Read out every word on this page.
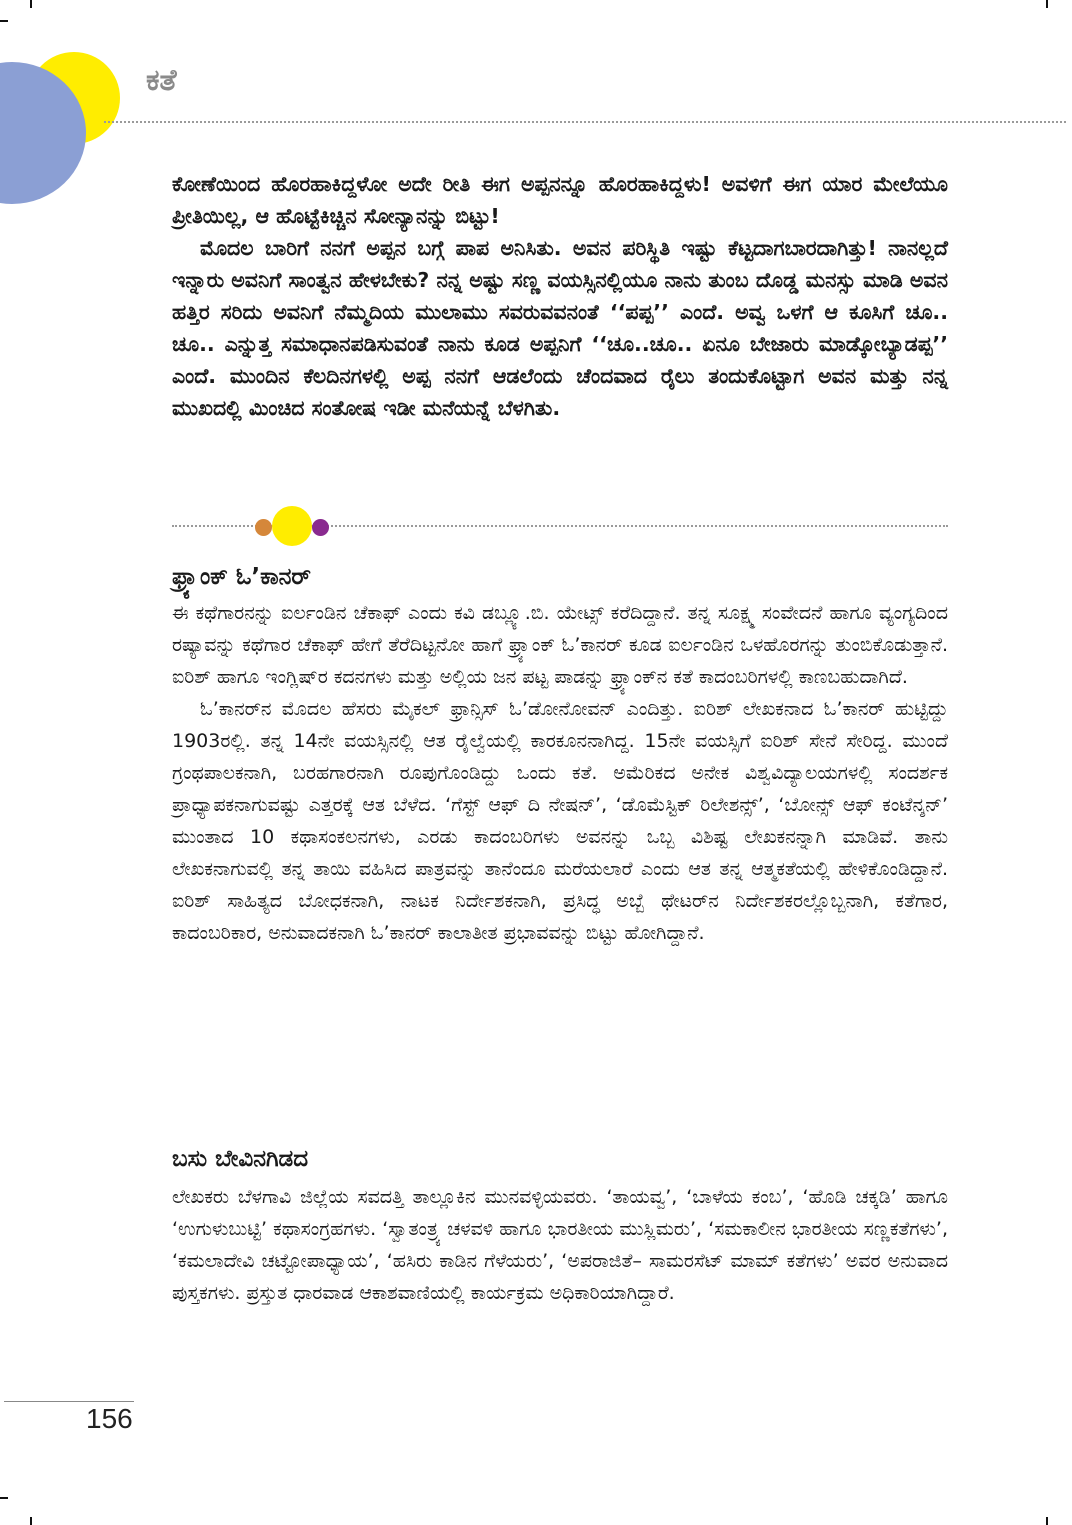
ಕತೆ

ಕೋಣೆಯಿಂದ ಹೊರಹಾಕಿದ್ದಳೋ ಅದೇ ರೀತಿ ಈಗ ಅಪ್ಪನನ್ನೂ ಹೊರಹಾಕಿದ್ದಳು! ಅವಳಿಗೆ ಈಗ ಯಾರ ಮೇಲೆಯೂ ಪ್ರೀತಿಯಿಲ್ಲ, ಆ ಹೊಟ್ಟೆಕಿಚ್ಚಿನ ಸೋನ್ಯಾನನ್ನು ಬಿಟ್ಟು!

ಮೊದಲ ಬಾರಿಗೆ ನನಗೆ ಅಪ್ಪನ ಬಗ್ಗೆ ಪಾಪ ಅನಿಸಿತು. ಅವನ ಪರಿಸ್ಥಿತಿ ಇಷ್ಟು ಕೆಟ್ಟದಾಗಬಾರದಾಗಿತ್ತು! ನಾನಲ್ಲದೆ ಇನ್ನಾರು ಅವನಿಗೆ ಸಾಂತ್ವನ ಹೇಳಬೇಕು? ನನ್ನ ಅಷ್ಟು ಸಣ್ಣ ವಯಸ್ಸಿನಲ್ಲಿಯೂ ನಾನು ತುಂಬ ದೊಡ್ಡ ಮನಸ್ಸು ಮಾಡಿ ಅವನ ಹತ್ತಿರ ಸರಿದು ಅವನಿಗೆ ನೆಮ್ಮದಿಯ ಮುಲಾಮು ಸವರುವವನಂತೆ ‘‘ಪಪ್ಪ’’ ಎಂದೆ. ಅವ್ವ ಒಳಗೆ ಆ ಕೂಸಿಗೆ ಚೂ.. ಚೂ.. ಎನ್ನುತ್ತ ಸಮಾಧಾನಪಡಿಸುವಂತೆ ನಾನು ಕೂಡ ಅಪ್ಪನಿಗೆ ‘‘ಚೂ..ಚೂ.. ಏನೂ ಬೇಜಾರು ಮಾಡ್ಕೋಬ್ಯಾಡಪ್ಪ’’ ಎಂದೆ. ಮುಂದಿನ ಕೆಲದಿನಗಳಲ್ಲಿ ಅಪ್ಪ ನನಗೆ ಆಡಲೆಂದು ಚೆಂದವಾದ ರೈಲು ತಂದುಕೊಟ್ಟಾಗ ಅವನ ಮತ್ತು ನನ್ನ ಮುಖದಲ್ಲಿ ಮಿಂಚಿದ ಸಂತೋಷ ಇಡೀ ಮನೆಯನ್ನೆ ಬೆಳಗಿತು.

ಫ್ರ್ಯಾಂಕ್ ಓ’ಕಾನರ್

ಈ ಕಥೆಗಾರನನ್ನು ಐರ್ಲಂಡಿನ ಚೆಕಾಫ್ ಎಂದು ಕವಿ ಡಬ್ಲ್ಯೂ.ಬಿ. ಯೇಟ್ಸ್ ಕರೆದಿದ್ದಾನೆ. ತನ್ನ ಸೂಕ್ಷ್ಮ ಸಂವೇದನೆ ಹಾಗೂ ವ್ಯಂಗ್ಯದಿಂದ ರಷ್ಯಾವನ್ನು ಕಥೆಗಾರ ಚೆಕಾಫ್ ಹೇಗೆ ತೆರೆದಿಟ್ಟನೋ ಹಾಗೆ ಫ್ರ್ಯಾಂಕ್ ಓ’ಕಾನರ್ ಕೂಡ ಐರ್ಲಂಡಿನ ಒಳಹೊರಗನ್ನು ತುಂಬಿಕೊಡುತ್ತಾನೆ. ಐರಿಶ್ ಹಾಗೂ ಇಂಗ್ಲಿಷ್‌ರ ಕದನಗಳು ಮತ್ತು ಅಲ್ಲಿಯ ಜನ ಪಟ್ಟ ಪಾಡನ್ನು ಫ್ರ್ಯಾಂಕ್‌ನ ಕತೆ ಕಾದಂಬರಿಗಳಲ್ಲಿ ಕಾಣಬಹುದಾಗಿದೆ.

ಓ’ಕಾನರ್‌ನ ಮೊದಲ ಹೆಸರು ಮೈಕಲ್ ಫ್ರಾನ್ಸಿಸ್ ಓ’ಡೋನೋವನ್ ಎಂದಿತ್ತು. ಐರಿಶ್ ಲೇಖಕನಾದ ಓ’ಕಾನರ್ ಹುಟ್ಟಿದ್ದು 1903ರಲ್ಲಿ. ತನ್ನ 14ನೇ ವಯಸ್ಸಿನಲ್ಲಿ ಆತ ರೈಲ್ವೆಯಲ್ಲಿ ಕಾರಕೂನನಾಗಿದ್ದ. 15ನೇ ವಯಸ್ಸಿಗೆ ಐರಿಶ್ ಸೇನೆ ಸೇರಿದ್ದ. ಮುಂದೆ ಗ್ರಂಥಪಾಲಕನಾಗಿ, ಬರಹಗಾರನಾಗಿ ರೂಪುಗೊಂಡಿದ್ದು ಒಂದು ಕತೆ. ಅಮೆರಿಕದ ಅನೇಕ ವಿಶ್ವವಿದ್ಯಾಲಯಗಳಲ್ಲಿ ಸಂದರ್ಶಕ ಪ್ರಾಧ್ಯಾಪಕನಾಗುವಷ್ಟು ಎತ್ತರಕ್ಕೆ ಆತ ಬೆಳೆದ. ‘ಗೆಸ್ಟ್ ಆಫ್ ದಿ ನೇಷನ್’, ‘ಡೊಮೆಸ್ಟಿಕ್ ರಿಲೇಶನ್ಸ್’, ‘ಬೋನ್ಸ್ ಆಫ್ ಕಂಟೆನ್ಶನ್’ ಮುಂತಾದ 10 ಕಥಾಸಂಕಲನಗಳು, ಎರಡು ಕಾದಂಬರಿಗಳು ಅವನನ್ನು ಒಬ್ಬ ವಿಶಿಷ್ಟ ಲೇಖಕನನ್ನಾಗಿ ಮಾಡಿವೆ. ತಾನು ಲೇಖಕನಾಗುವಲ್ಲಿ ತನ್ನ ತಾಯಿ ವಹಿಸಿದ ಪಾತ್ರವನ್ನು ತಾನೆಂದೂ ಮರೆಯಲಾರೆ ಎಂದು ಆತ ತನ್ನ ಆತ್ಮಕತೆಯಲ್ಲಿ ಹೇಳಿಕೊಂಡಿದ್ದಾನೆ. ಐರಿಶ್ ಸಾಹಿತ್ಯದ ಬೋಧಕನಾಗಿ, ನಾಟಕ ನಿರ್ದೇಶಕನಾಗಿ, ಪ್ರಸಿದ್ಧ ಅಬ್ಬೆ ಥೇಟರ್‌ನ ನಿರ್ದೇಶಕರಲ್ಲೊಬ್ಬನಾಗಿ, ಕತೆಗಾರ, ಕಾದಂಬರಿಕಾರ, ಅನುವಾದಕನಾಗಿ ಓ’ಕಾನರ್ ಕಾಲಾತೀತ ಪ್ರಭಾವವನ್ನು ಬಿಟ್ಟು ಹೋಗಿದ್ದಾನೆ.

ಬಸು ಬೇವಿನಗಿಡದ

ಲೇಖಕರು ಬೆಳಗಾವಿ ಜಿಲ್ಲೆಯ ಸವದತ್ತಿ ತಾಲ್ಲೂಕಿನ ಮುನವಳ್ಳಿಯವರು. ‘ತಾಯವ್ವ’, ‘ಬಾಳೆಯ ಕಂಬ’, ‘ಹೊಡಿ ಚಕ್ಕಡಿ’ ಹಾಗೂ ‘ಉಗುಳುಬುಟ್ಟಿ’ ಕಥಾಸಂಗ್ರಹಗಳು. ‘ಸ್ವಾತಂತ್ರ್ಯ ಚಳವಳಿ ಹಾಗೂ ಭಾರತೀಯ ಮುಸ್ಲಿಮರು’, ‘ಸಮಕಾಲೀನ ಭಾರತೀಯ ಸಣ್ಣಕತೆಗಳು’, ‘ಕಮಲಾದೇವಿ ಚಟ್ಟೋಪಾಧ್ಯಾಯ’, ‘ಹಸಿರು ಕಾಡಿನ ಗೆಳೆಯರು’, ‘ಅಪರಾಜಿತೆ– ಸಾಮರಸೆಟ್ ಮಾಮ್ ಕತೆಗಳು’ ಅವರ ಅನುವಾದ ಪುಸ್ತಕಗಳು. ಪ್ರಸ್ತುತ ಧಾರವಾಡ ಆಕಾಶವಾಣಿಯಲ್ಲಿ ಕಾರ್ಯಕ್ರಮ ಅಧಿಕಾರಿಯಾಗಿದ್ದಾರೆ.

156
